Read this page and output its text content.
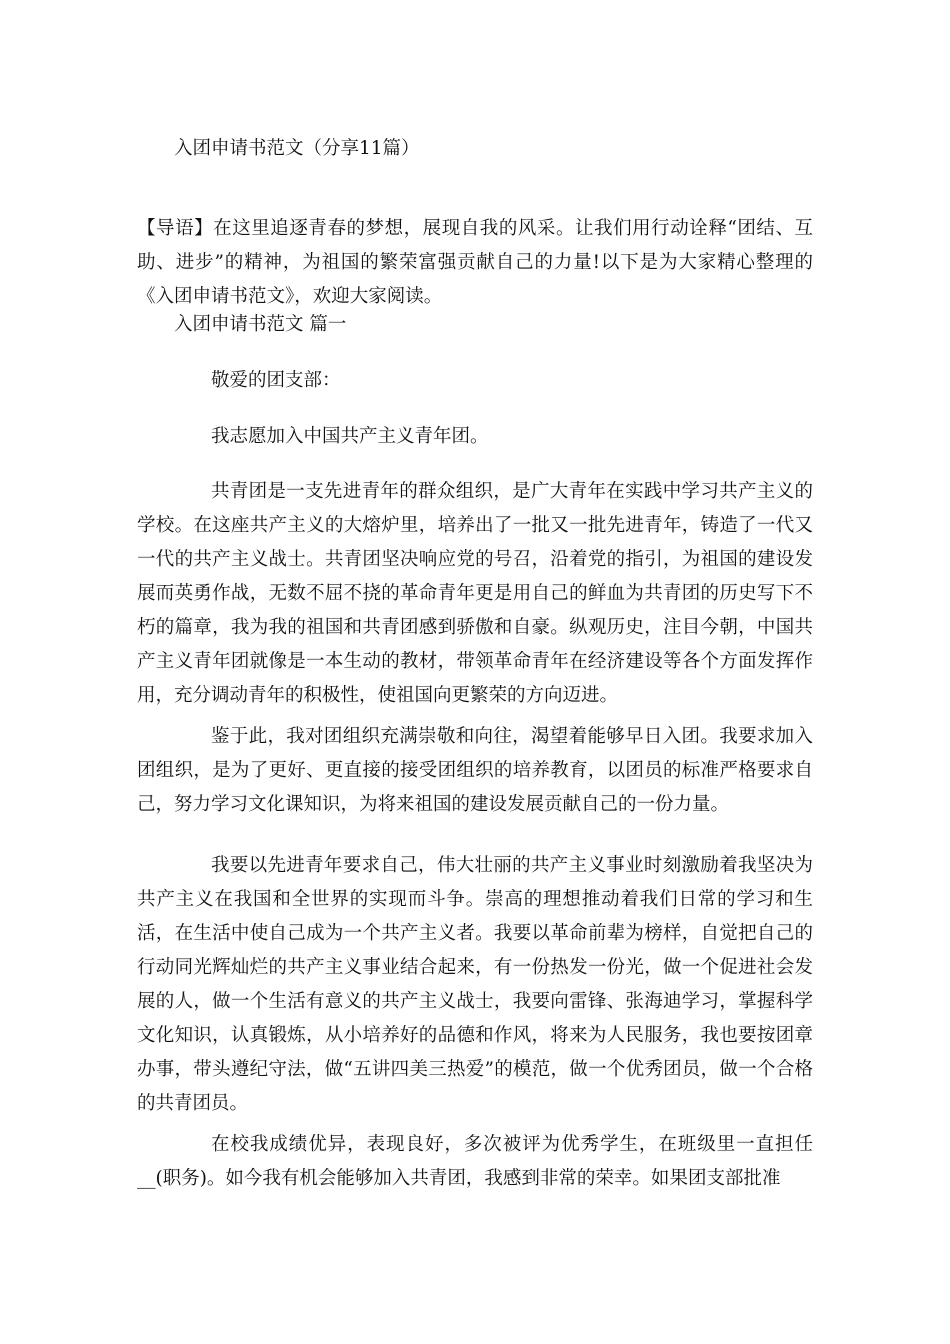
入团申请书范文（分享11篇）

【导语】在这里追逐青春的梦想，展现自我的风采。让我们用行动诠释“团结、互助、进步”的精神，为祖国的繁荣富强贡献自己的力量!以下是为大家精心整理的《入团申请书范文》，欢迎大家阅读。

入团申请书范文 篇一

敬爱的团支部：

我志愿加入中国共产主义青年团。

共青团是一支先进青年的群众组织，是广大青年在实践中学习共产主义的学校。在这座共产主义的大熔炉里，培养出了一批又一批先进青年，铸造了一代又一代的共产主义战士。共青团坚决响应党的号召，沿着党的指引，为祖国的建设发展而英勇作战，无数不屈不挠的革命青年更是用自己的鲜血为共青团的历史写下不朽的篇章，我为我的祖国和共青团感到骄傲和自豪。纵观历史，注目今朝，中国共产主义青年团就像是一本生动的教材，带领革命青年在经济建设等各个方面发挥作用，充分调动青年的积极性，使祖国向更繁荣的方向迈进。

鉴于此，我对团组织充满崇敬和向往，渴望着能够早日入团。我要求加入团组织，是为了更好、更直接的接受团组织的培养教育，以团员的标准严格要求自己，努力学习文化课知识，为将来祖国的建设发展贡献自己的一份力量。

我要以先进青年要求自己，伟大壮丽的共产主义事业时刻激励着我坚决为共产主义在我国和全世界的实现而斗争。崇高的理想推动着我们日常的学习和生活，在生活中使自己成为一个共产主义者。我要以革命前辈为榜样，自觉把自己的行动同光辉灿烂的共产主义事业结合起来，有一份热发一份光，做一个促进社会发展的人，做一个生活有意义的共产主义战士，我要向雷锋、张海迪学习，掌握科学文化知识，认真锻炼，从小培养好的品德和作风，将来为人民服务，我也要按团章办事，带头遵纪守法，做“五讲四美三热爱”的模范，做一个优秀团员，做一个合格的共青团员。

在校我成绩优异，表现良好，多次被评为优秀学生，在班级里一直担任__(职务)。如今我有机会能够加入共青团，我感到非常的荣幸。如果团支部批准
